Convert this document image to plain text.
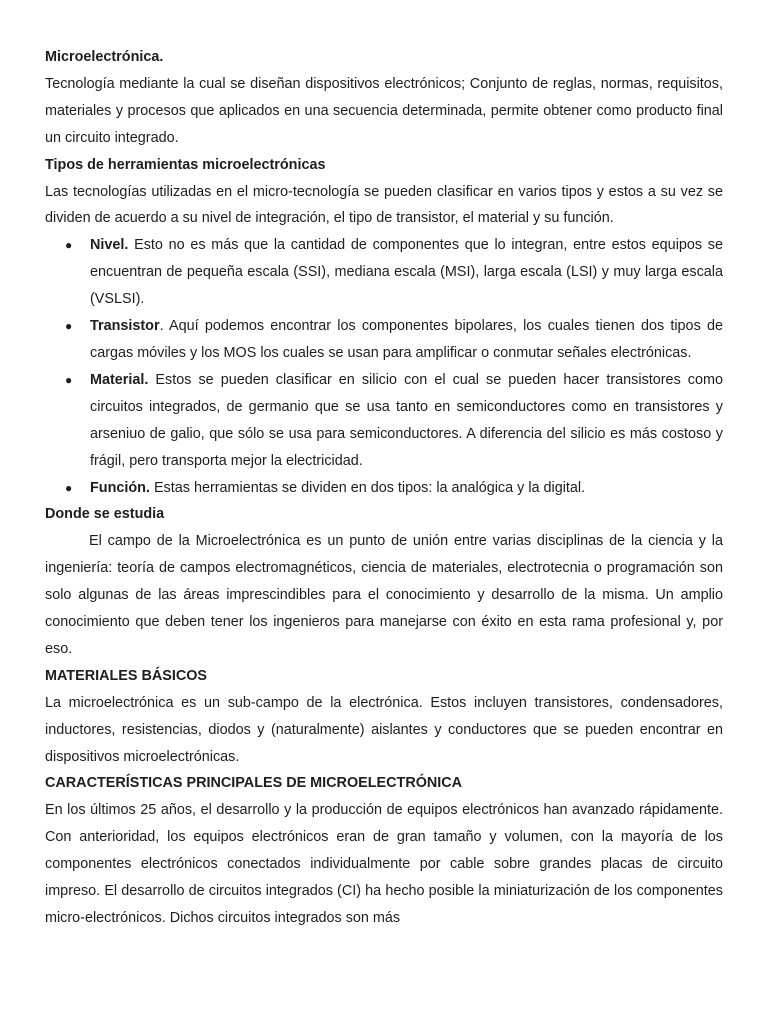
Microelectrónica.

Tecnología mediante la cual se diseñan dispositivos electrónicos; Conjunto de reglas, normas, requisitos, materiales y procesos que aplicados en una secuencia determinada, permite obtener como producto final un circuito integrado.

Tipos de herramientas microelectrónicas

Las tecnologías utilizadas en el micro-tecnología se pueden clasificar en varios tipos y estos a su vez se dividen de acuerdo a su nivel de integración, el tipo de transistor, el material y su función.

● Nivel. Esto no es más que la cantidad de componentes que lo integran, entre estos equipos se encuentran de pequeña escala (SSI), mediana escala (MSI), larga escala (LSI) y muy larga escala (VSLSI).
● Transistor. Aquí podemos encontrar los componentes bipolares, los cuales tienen dos tipos de cargas móviles y los MOS los cuales se usan para amplificar o conmutar señales electrónicas.
● Material. Estos se pueden clasificar en silicio con el cual se pueden hacer transistores como circuitos integrados, de germanio que se usa tanto en semiconductores como en transistores y arseniuo de galio, que sólo se usa para semiconductores. A diferencia del silicio es más costoso y frágil, pero transporta mejor la electricidad.
● Función. Estas herramientas se dividen en dos tipos: la analógica y la digital.
Donde se estudia

El campo de la Microelectrónica es un punto de unión entre varias disciplinas de la ciencia y la ingeniería: teoría de campos electromagnéticos, ciencia de materiales, electrotecnia o programación son solo algunas de las áreas imprescindibles para el conocimiento y desarrollo de la misma. Un amplio conocimiento que deben tener los ingenieros para manejarse con éxito en esta rama profesional y, por eso.

MATERIALES BÁSICOS

La microelectrónica es un sub-campo de la electrónica. Estos incluyen transistores, condensadores, inductores, resistencias, diodos y (naturalmente) aislantes y conductores que se pueden encontrar en dispositivos microelectrónicas.

CARACTERÍSTICAS PRINCIPALES DE MICROELECTRÓNICA

En los últimos 25 años, el desarrollo y la producción de equipos electrónicos han avanzado rápidamente. Con anterioridad, los equipos electrónicos eran de gran tamaño y volumen, con la mayoría de los componentes electrónicos conectados individualmente por cable sobre grandes placas de circuito impreso. El desarrollo de circuitos integrados (CI) ha hecho posible la miniaturización de los componentes micro-electrónicos. Dichos circuitos integrados son más
